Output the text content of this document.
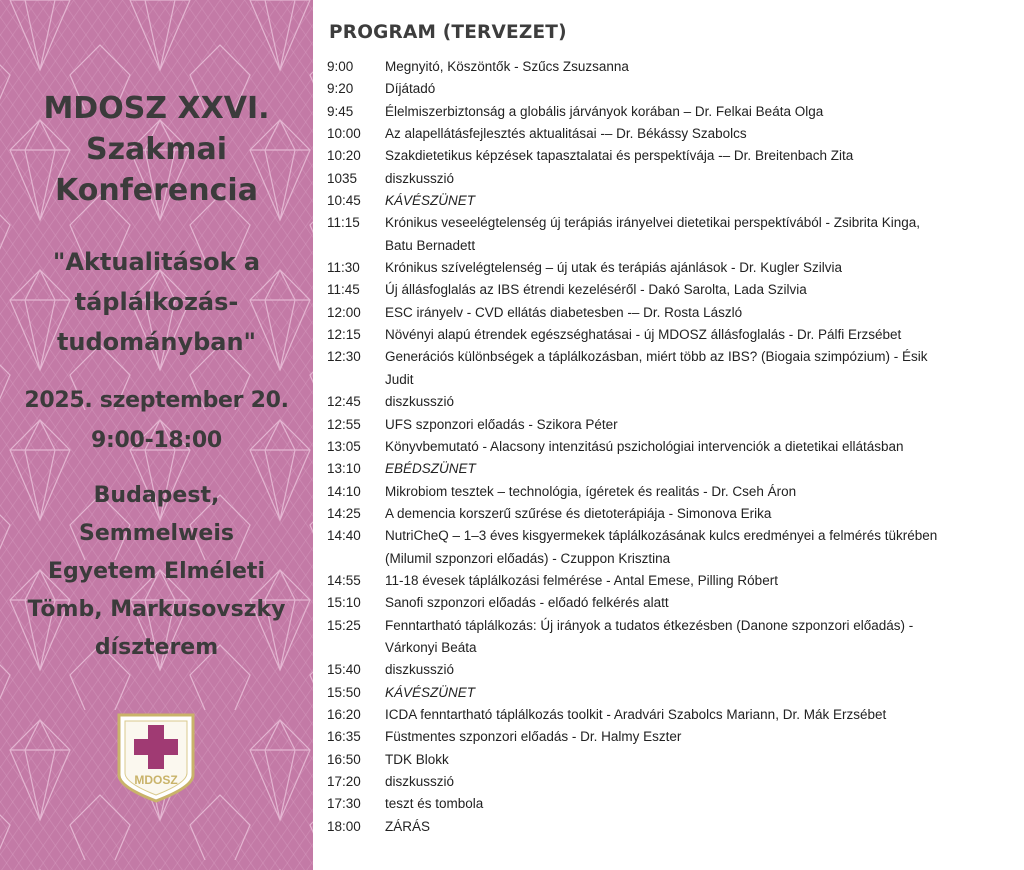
MDOSZ XXVI.
Szakmai
Konferencia
"Aktualitások a
táplálkozás-
tudományban"
2025. szeptember 20.
9:00-18:00
Budapest,
Semmelweis
Egyetem Elméleti
Tömb, Markusovszky
díszterem
MDOSZ
PROGRAM (TERVEZET)
9:00	Megnyitó, Köszöntők - Szűcs Zsuzsanna
9:20	Díjátadó
9:45	Élelmiszerbiztonság a globális járványok korában – Dr. Felkai Beáta Olga
10:00	Az alapellátásfejlesztés aktualitásai -– Dr. Békássy Szabolcs
10:20	Szakdietetikus képzések tapasztalatai és perspektívája -– Dr. Breitenbach Zita
1035	diszkusszió
10:45	KÁVÉSZÜNET
11:15	Krónikus veseelégtelenség új terápiás irányelvei dietetikai perspektívából - Zsibrita Kinga,
Batu Bernadett
11:30	Krónikus szívelégtelenség – új utak és terápiás ajánlások - Dr. Kugler Szilvia
11:45	Új állásfoglalás az IBS étrendi kezeléséről - Dakó Sarolta, Lada Szilvia
12:00	ESC irányelv - CVD ellátás diabetesben -– Dr. Rosta László
12:15	Növényi alapú étrendek egészséghatásai - új MDOSZ állásfoglalás - Dr. Pálfi Erzsébet
12:30	Generációs különbségek a táplálkozásban, miért több az IBS? (Biogaia szimpózium) - Ésik
Judit
12:45	diszkusszió
12:55	UFS szponzori előadás - Szikora Péter
13:05	Könyvbemutató - Alacsony intenzitású pszichológiai intervenciók a dietetikai ellátásban
13:10	EBÉDSZÜNET
14:10	Mikrobiom tesztek – technológia, ígéretek és realitás - Dr. Cseh Áron
14:25	A demencia korszerű szűrése és dietoterápiája - Simonova Erika
14:40	NutriCheQ – 1–3 éves kisgyermekek táplálkozásának kulcs eredményei a felmérés tükrében
(Milumil szponzori előadás) - Czuppon Krisztina
14:55	11-18 évesek táplálkozási felmérése - Antal Emese, Pilling Róbert
15:10	Sanofi szponzori előadás - előadó felkérés alatt
15:25	Fenntartható táplálkozás: Új irányok a tudatos étkezésben (Danone szponzori előadás) -
Várkonyi Beáta
15:40	diszkusszió
15:50	KÁVÉSZÜNET
16:20	ICDA fenntartható táplálkozás toolkit - Aradvári Szabolcs Mariann, Dr. Mák Erzsébet
16:35	Füstmentes szponzori előadás - Dr. Halmy Eszter
16:50	TDK Blokk
17:20	diszkusszió
17:30	teszt és tombola
18:00	ZÁRÁS
